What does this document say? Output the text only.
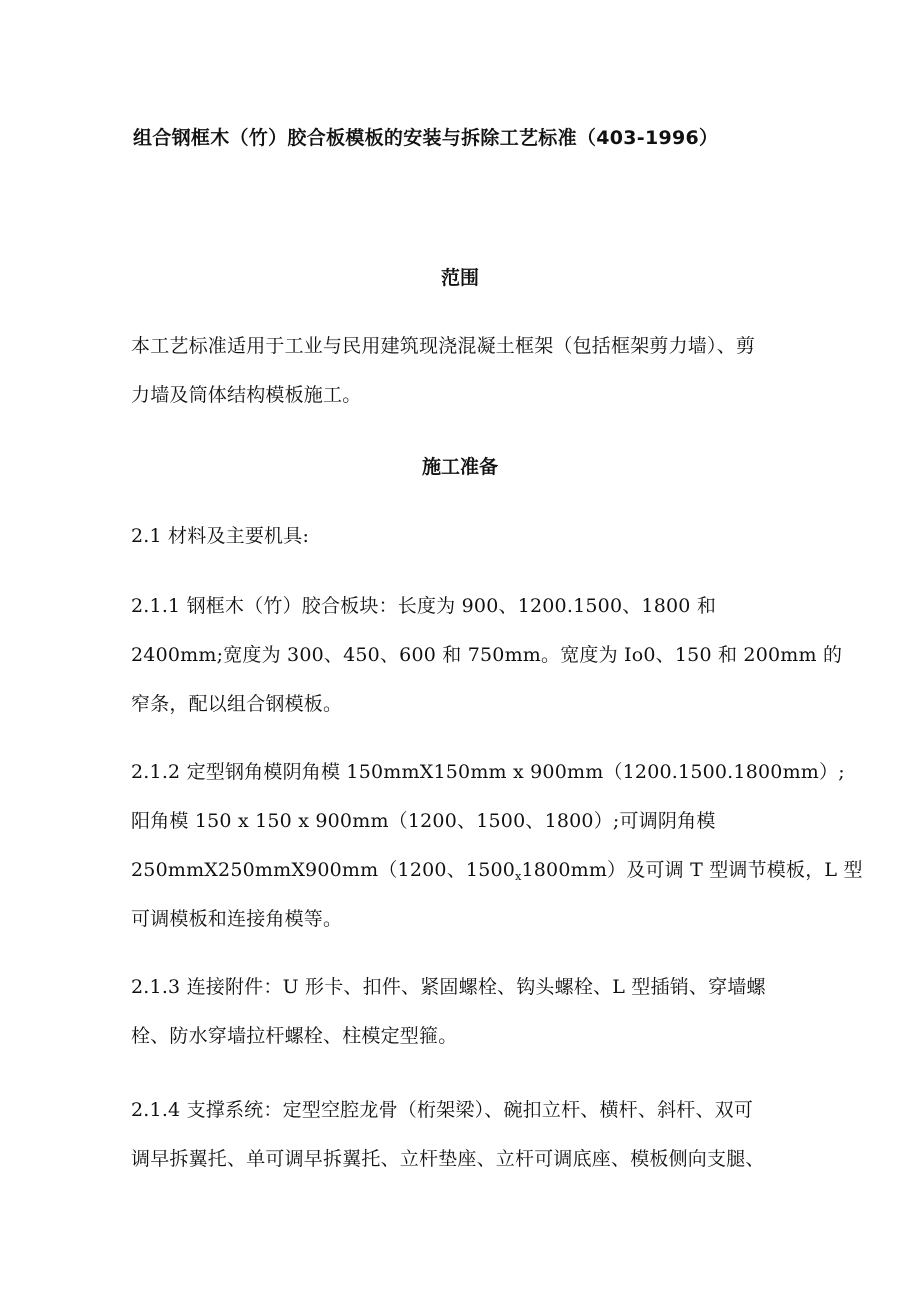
组合钢框木（竹）胶合板模板的安装与拆除工艺标准（403-1996）
范围
本工艺标准适用于工业与民用建筑现浇混凝土框架（包括框架剪力墙）、剪
力墙及筒体结构模板施工。
施工准备
2.1 材料及主要机具:
2.1.1 钢框木（竹）胶合板块：长度为 900、1200.1500、1800 和
2400mm;宽度为 300、450、600 和 750mm。宽度为 Io0、150 和 200mm 的
窄条，配以组合钢模板。
2.1.2 定型钢角模阴角模 150mmX150mm x 900mm（1200.1500.1800mm）;
阳角模 150 x 150 x 900mm（1200、1500、1800）;可调阴角模
250mmX250mmX900mm（1200、$1500_x1800mm$）及可调 T 型调节模板，L 型
可调模板和连接角模等。
2.1.3 连接附件：U 形卡、扣件、紧固螺栓、钩头螺栓、L 型插销、穿墙螺
栓、防水穿墙拉杆螺栓、柱模定型箍。
2.1.4 支撑系统：定型空腔龙骨（桁架梁）、碗扣立杆、横杆、斜杆、双可
调早拆翼托、单可调早拆翼托、立杆垫座、立杆可调底座、模板侧向支腿、
